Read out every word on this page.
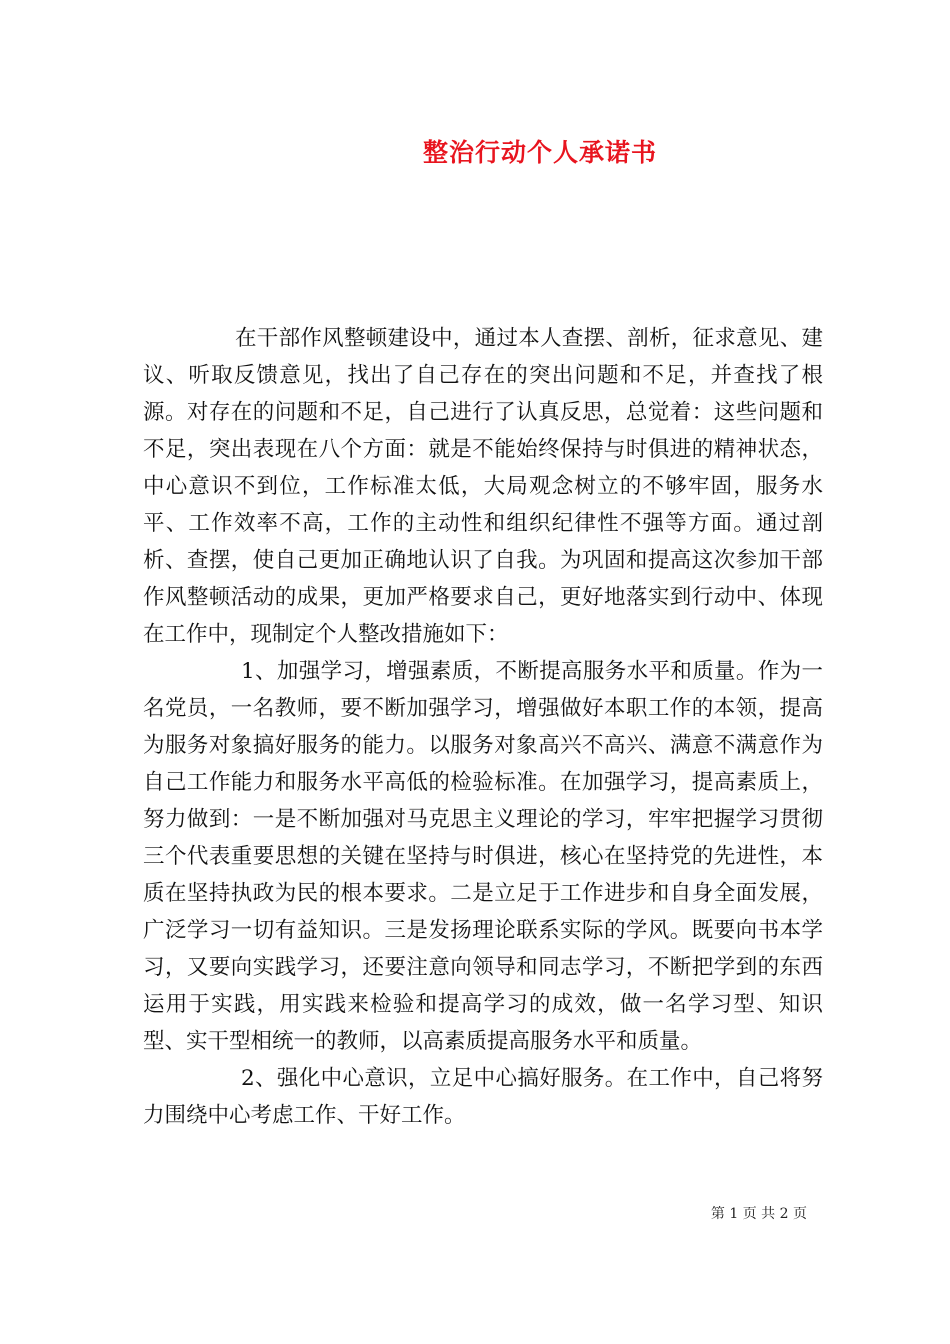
整治行动个人承诺书

在干部作风整顿建设中，通过本人查摆、剖析，征求意见、建议、听取反馈意见，找出了自己存在的突出问题和不足，并查找了根源。对存在的问题和不足，自己进行了认真反思，总觉着：这些问题和不足，突出表现在八个方面：就是不能始终保持与时俱进的精神状态，中心意识不到位，工作标准太低，大局观念树立的不够牢固，服务水平、工作效率不高，工作的主动性和组织纪律性不强等方面。通过剖析、查摆，使自己更加正确地认识了自我。为巩固和提高这次参加干部作风整顿活动的成果，更加严格要求自己，更好地落实到行动中、体现在工作中，现制定个人整改措施如下：

1、加强学习，增强素质，不断提高服务水平和质量。作为一名党员，一名教师，要不断加强学习，增强做好本职工作的本领，提高为服务对象搞好服务的能力。以服务对象高兴不高兴、满意不满意作为自己工作能力和服务水平高低的检验标准。在加强学习，提高素质上，努力做到：一是不断加强对马克思主义理论的学习，牢牢把握学习贯彻三个代表重要思想的关键在坚持与时俱进，核心在坚持党的先进性，本质在坚持执政为民的根本要求。二是立足于工作进步和自身全面发展，广泛学习一切有益知识。三是发扬理论联系实际的学风。既要向书本学习，又要向实践学习，还要注意向领导和同志学习，不断把学到的东西运用于实践，用实践来检验和提高学习的成效，做一名学习型、知识型、实干型相统一的教师，以高素质提高服务水平和质量。

2、强化中心意识，立足中心搞好服务。在工作中，自己将努力围绕中心考虑工作、干好工作。

第 1 页 共 2 页
